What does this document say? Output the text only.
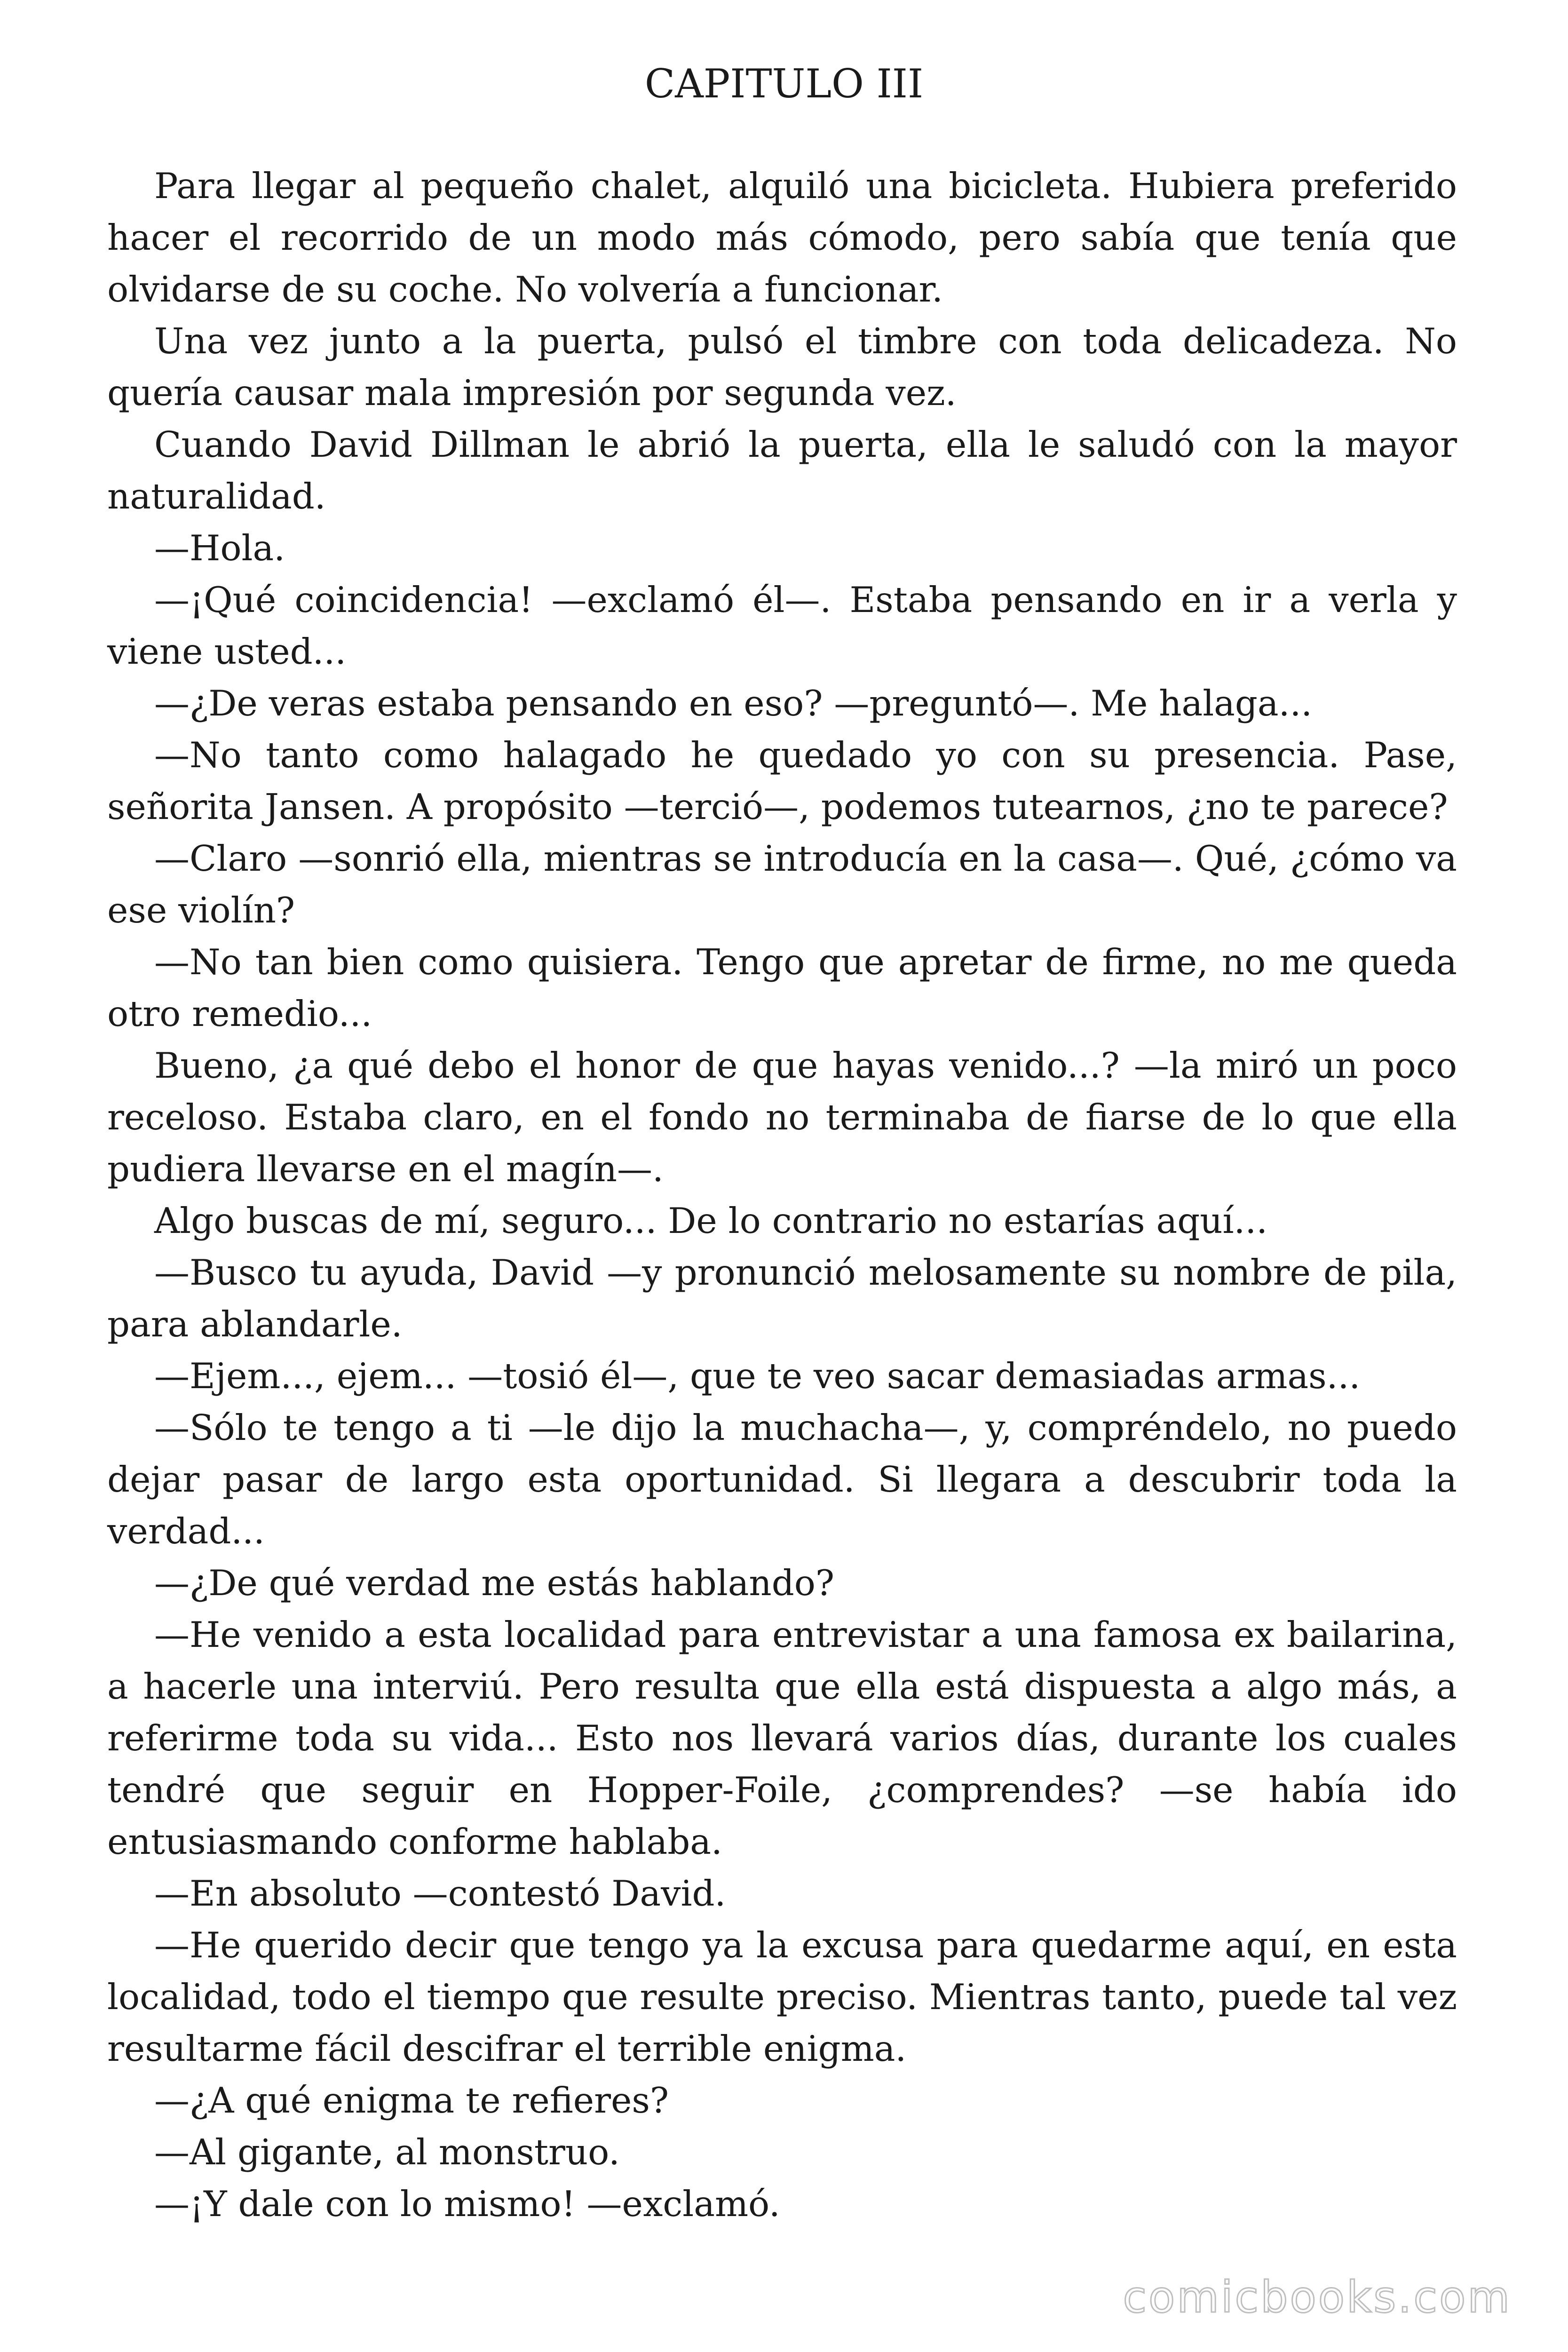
CAPITULO III

Para llegar al pequeño chalet, alquiló una bicicleta. Hubiera preferido hacer el recorrido de un modo más cómodo, pero sabía que tenía que olvidarse de su coche. No volvería a funcionar.

Una vez junto a la puerta, pulsó el timbre con toda delicadeza. No quería causar mala impresión por segunda vez.

Cuando David Dillman le abrió la puerta, ella le saludó con la mayor naturalidad.

—Hola.

—¡Qué coincidencia! —exclamó él—. Estaba pensando en ir a verla y viene usted...

—¿De veras estaba pensando en eso? —preguntó—. Me halaga...

—No tanto como halagado he quedado yo con su presencia. Pase, señorita Jansen. A propósito —terció—, podemos tutearnos, ¿no te parece?

—Claro —sonrió ella, mientras se introducía en la casa—. Qué, ¿cómo va ese violín?

—No tan bien como quisiera. Tengo que apretar de firme, no me queda otro remedio...

Bueno, ¿a qué debo el honor de que hayas venido...? —la miró un poco receloso. Estaba claro, en el fondo no terminaba de fiarse de lo que ella pudiera llevarse en el magín—.

Algo buscas de mí, seguro... De lo contrario no estarías aquí...

—Busco tu ayuda, David —y pronunció melosamente su nombre de pila, para ablandarle.

—Ejem..., ejem... —tosió él—, que te veo sacar demasiadas armas...

—Sólo te tengo a ti —le dijo la muchacha—, y, compréndelo, no puedo dejar pasar de largo esta oportunidad. Si llegara a descubrir toda la verdad...

—¿De qué verdad me estás hablando?

—He venido a esta localidad para entrevistar a una famosa ex bailarina, a hacerle una interviú. Pero resulta que ella está dispuesta a algo más, a referirme toda su vida... Esto nos llevará varios días, durante los cuales tendré que seguir en Hopper-Foile, ¿comprendes? —se había ido entusiasmando conforme hablaba.

—En absoluto —contestó David.

—He querido decir que tengo ya la excusa para quedarme aquí, en esta localidad, todo el tiempo que resulte preciso. Mientras tanto, puede tal vez resultarme fácil descifrar el terrible enigma.

—¿A qué enigma te refieres?

—Al gigante, al monstruo.

—¡Y dale con lo mismo! —exclamó.

comicbooks.com
